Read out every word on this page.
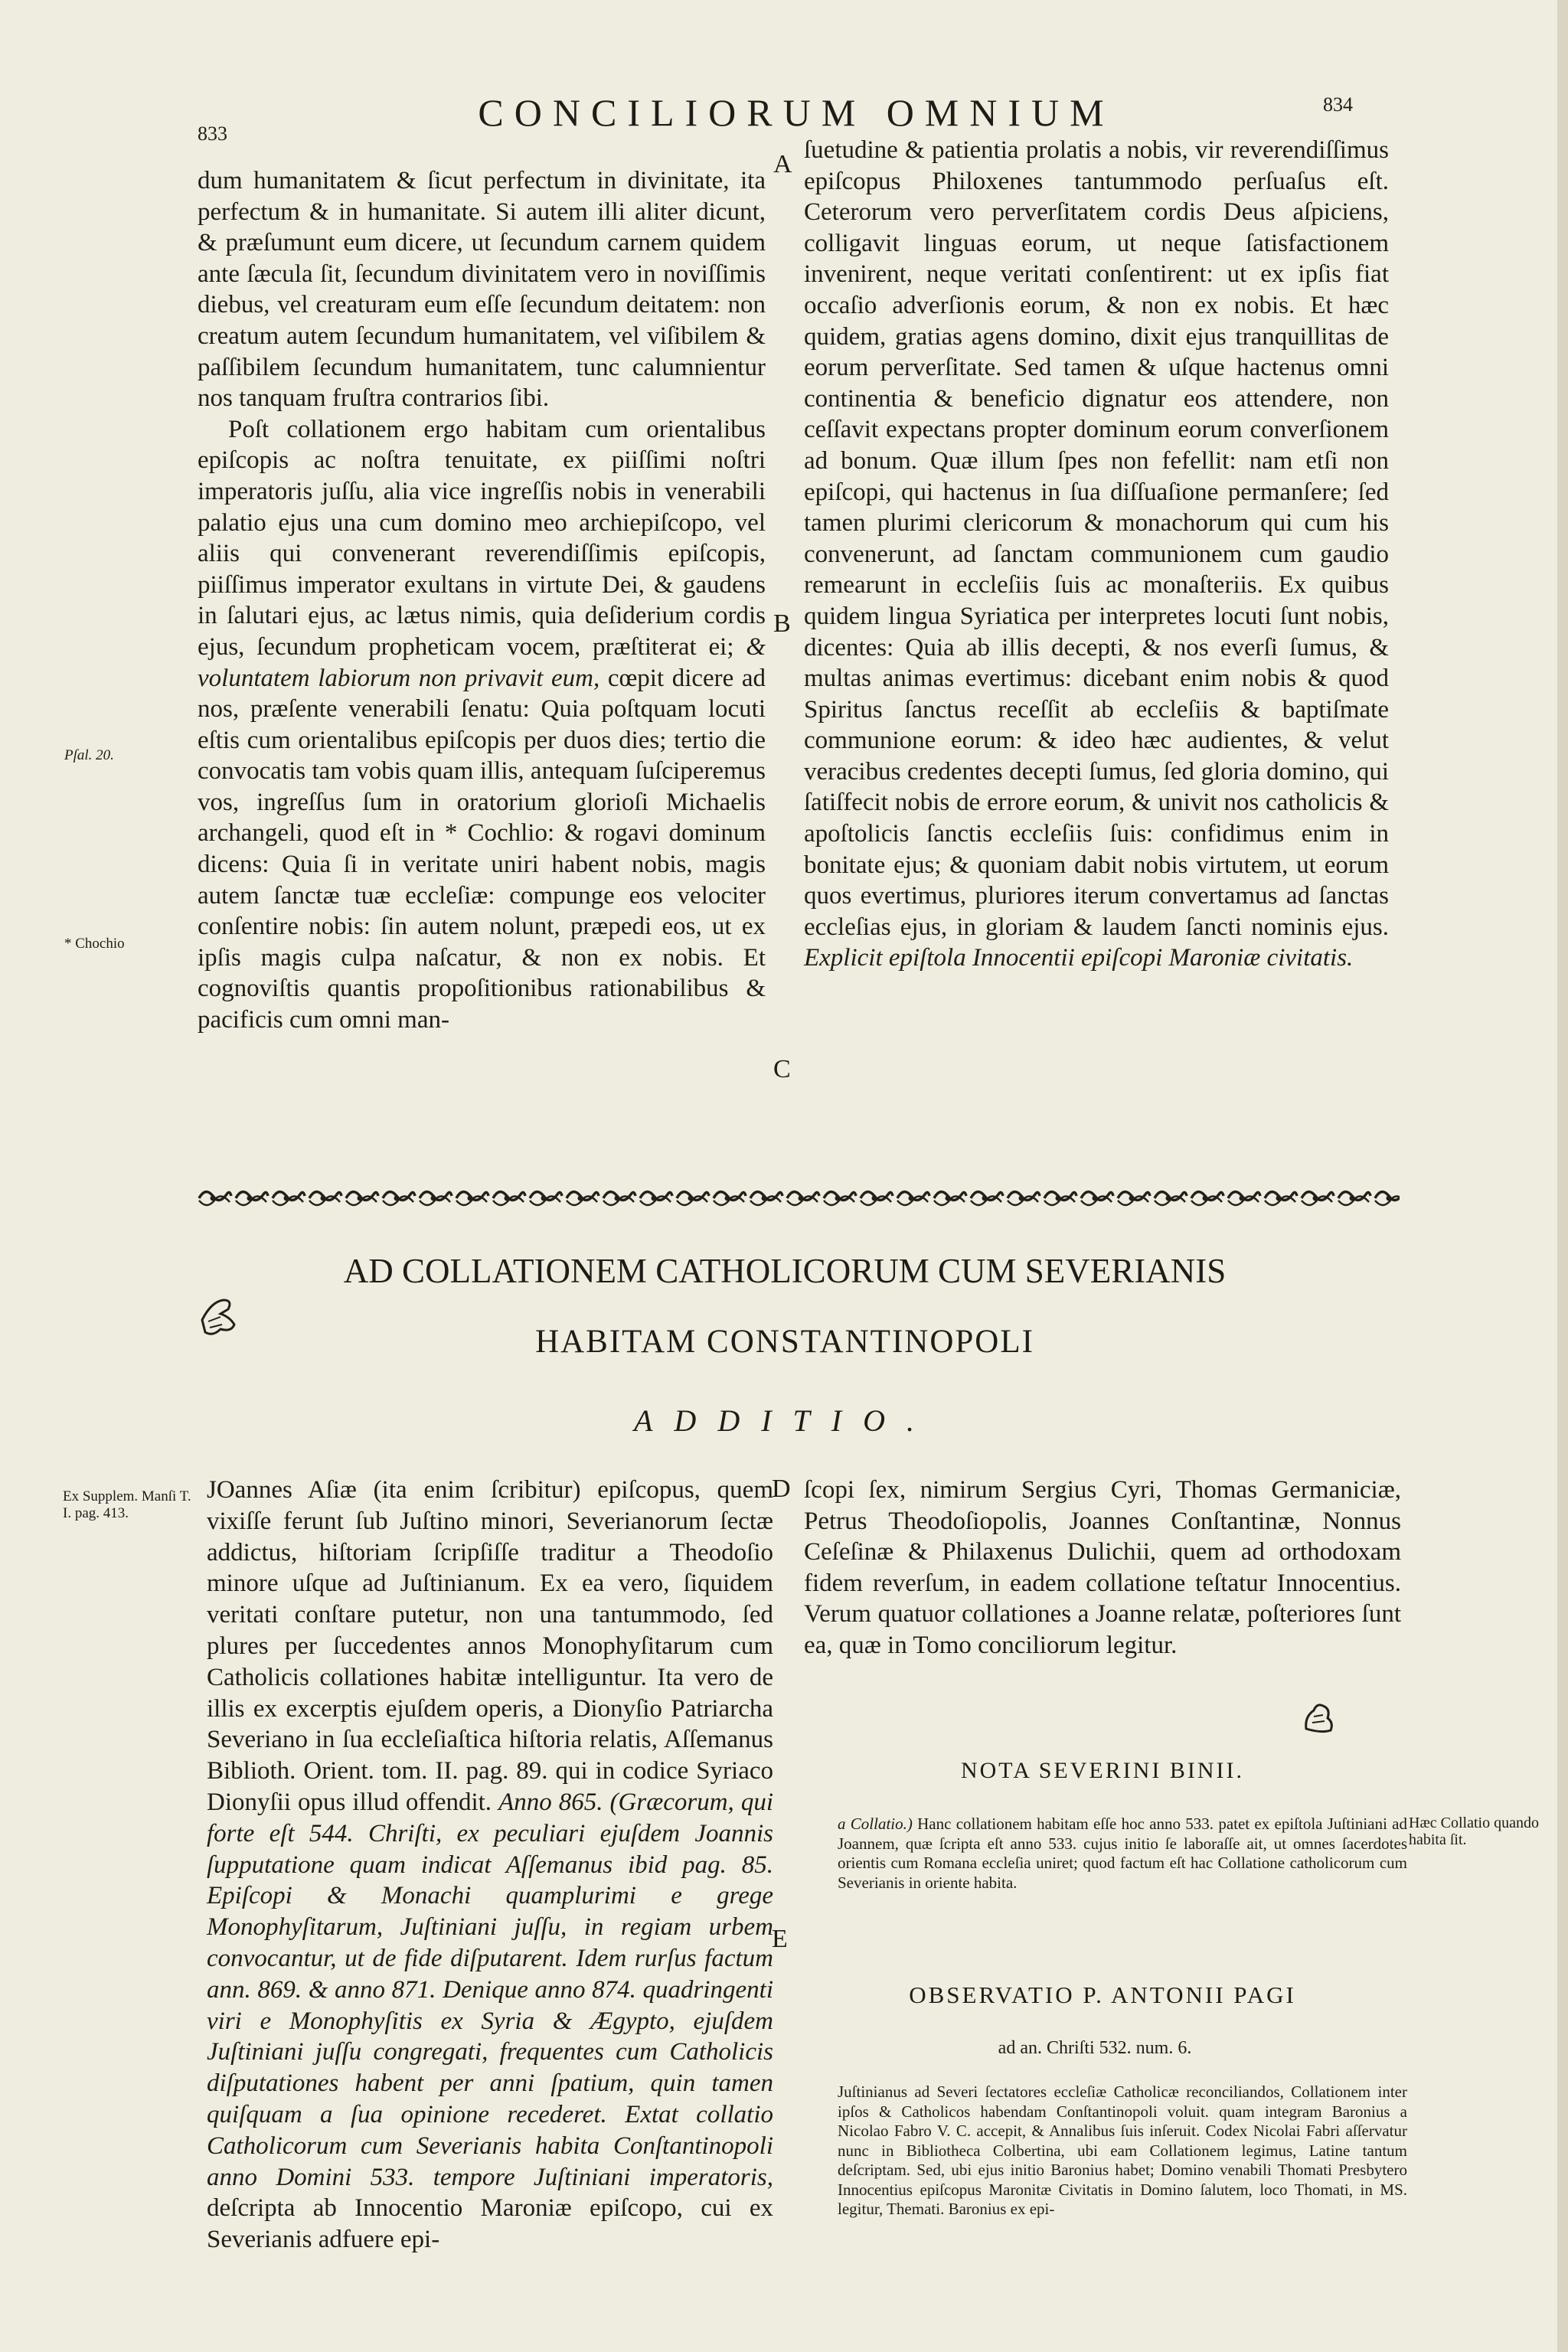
833	CONCILIORUM OMNIUM	834

dum humanitatem & ſicut perfectum in divinitate, ita perfectum & in humanitate. Si autem illi aliter dicunt, & præſumunt eum dicere, ut ſecundum carnem quidem ante ſæcula ſit, ſecundum divinitatem vero in noviſſimis diebus, vel creaturam eum eſſe ſecundum deitatem: non creatum autem ſecundum humanitatem, vel viſibilem & paſſibilem ſecundum humanitatem, tunc calumnientur nos tanquam fruſtra contrarios ſibi.

Poſt collationem ergo habitam cum orientalibus epiſcopis ac noſtra tenuitate, ex piiſſimi noſtri imperatoris juſſu, alia vice ingreſſis nobis in venerabili palatio ejus una cum domino meo archiepiſcopo, vel aliis qui convenerant reverendiſſimis epiſcopis, piiſſimus imperator exultans in virtute Dei, & gaudens in ſalutari ejus, ac lætus nimis, quia deſiderium cordis ejus, ſecundum propheticam vocem, præſtiterat ei; & voluntatem labiorum non privavit eum, cœpit dicere ad nos, præſente venerabili ſenatu: Quia poſtquam locuti eſtis cum orientalibus epiſcopis per duos dies; tertio die convocatis tam vobis quam illis, antequam ſuſciperemus vos, ingreſſus ſum in oratorium glorioſi Michaelis archangeli, quod eſt in * Cochlio: & rogavi dominum dicens: Quia ſi in veritate uniri habent nobis, magis autem ſanctæ tuæ eccleſiæ: compunge eos velociter conſentire nobis: ſin autem nolunt, præpedi eos, ut ex ipſis magis culpa naſcatur, & non ex nobis. Et cognoviſtis quantis propoſitionibus rationabilibus & pacificis cum omni man-

ſuetudine & patientia prolatis a nobis, vir reverendiſſimus epiſcopus Philoxenes tantummodo perſuaſus eſt. Ceterorum vero perverſitatem cordis Deus aſpiciens, colligavit linguas eorum, ut neque ſatisfactionem invenirent, neque veritati conſentirent: ut ex ipſis fiat occaſio adverſionis eorum, & non ex nobis. Et hæc quidem, gratias agens domino, dixit ejus tranquillitas de eorum perverſitate. Sed tamen & uſque hactenus omni continentia & beneficio dignatur eos attendere, non ceſſavit expectans propter dominum eorum converſionem ad bonum. Quæ illum ſpes non fefellit: nam etſi non epiſcopi, qui hactenus in ſua diſſuaſione permanſere; ſed tamen plurimi clericorum & monachorum qui cum his convenerunt, ad ſanctam communionem cum gaudio remearunt in eccleſiis ſuis ac monaſteriis. Ex quibus quidem lingua Syriatica per interpretes locuti ſunt nobis, dicentes: Quia ab illis decepti, & nos everſi ſumus, & multas animas evertimus: dicebant enim nobis & quod Spiritus ſanctus receſſit ab eccleſiis & baptiſmate communione eorum: & ideo hæc audientes, & velut veracibus credentes decepti ſumus, ſed gloria domino, qui ſatiſfecit nobis de errore eorum, & univit nos catholicis & apoſtolicis ſanctis eccleſiis ſuis: confidimus enim in bonitate ejus; & quoniam dabit nobis virtutem, ut eorum quos evertimus, pluriores iterum convertamus ad ſanctas eccleſias ejus, in gloriam & laudem ſancti nominis ejus. Explicit epiſtola Innocentii epiſcopi Maroniæ civitatis.

A
B
C
D
E
Pſal. 20.
* Chochio
Ex Supplem. Manſi T. I. pag. 413.
Hæc Collatio quando habita ſit.
AD COLLATIONEM CATHOLICORUM CUM SEVERIANIS
HABITAM CONSTANTINOPOLI
ADDITIO.

JOannes Aſiæ (ita enim ſcribitur) epiſcopus, quem vixiſſe ferunt ſub Juſtino minori, Severianorum ſectæ addictus, hiſtoriam ſcripſiſſe traditur a Theodoſio minore uſque ad Juſtinianum. Ex ea vero, ſiquidem veritati conſtare putetur, non una tantummodo, ſed plures per ſuccedentes annos Monophyſitarum cum Catholicis collationes habitæ intelliguntur. Ita vero de illis ex excerptis ejuſdem operis, a Dionyſio Patriarcha Severiano in ſua eccleſiaſtica hiſtoria relatis, Aſſemanus Biblioth. Orient. tom. II. pag. 89. qui in codice Syriaco Dionyſii opus illud offendit. Anno 865. (Græcorum, qui forte eſt 544. Chriſti, ex peculiari ejuſdem Joannis ſupputatione quam indicat Aſſemanus ibid pag. 85. Epiſcopi & Monachi quamplurimi e grege Monophyſitarum, Juſtiniani juſſu, in regiam urbem convocantur, ut de fide diſputarent. Idem rurſus factum ann. 869. & anno 871. Denique anno 874. quadringenti viri e Monophyſitis ex Syria & Ægypto, ejuſdem Juſtiniani juſſu congregati, frequentes cum Catholicis diſputationes habent per anni ſpatium, quin tamen quiſquam a ſua opinione recederet. Extat collatio Catholicorum cum Severianis habita Conſtantinopoli anno Domini 533. tempore Juſtiniani imperatoris, deſcripta ab Innocentio Maroniæ epiſcopo, cui ex Severianis adfuere epi-

ſcopi ſex, nimirum Sergius Cyri, Thomas Germaniciæ, Petrus Theodoſiopolis, Joannes Conſtantinæ, Nonnus Ceſeſinæ & Philaxenus Dulichii, quem ad orthodoxam fidem reverſum, in eadem collatione teſtatur Innocentius. Verum quatuor collationes a Joanne relatæ, poſteriores ſunt ea, quæ in Tomo conciliorum legitur.

NOTA SEVERINI BINII.

a Collatio.) Hanc collationem habitam eſſe hoc anno 533. patet ex epiſtola Juſtiniani ad Joannem, quæ ſcripta eſt anno 533. cujus initio ſe laboraſſe ait, ut omnes ſacerdotes orientis cum Romana eccleſia uniret; quod factum eſt hac Collatione catholicorum cum Severianis in oriente habita.

OBSERVATIO P. ANTONII PAGI

ad an. Chriſti 532. num. 6.

Juſtinianus ad Severi ſectatores eccleſiæ Catholicæ reconciliandos, Collationem inter ipſos & Catholicos habendam Conſtantinopoli voluit. quam integram Baronius a Nicolao Fabro V. C. accepit, & Annalibus ſuis inſeruit. Codex Nicolai Fabri aſſervatur nunc in Bibliotheca Colbertina, ubi eam Collationem legimus, Latine tantum deſcriptam. Sed, ubi ejus initio Baronius habet; Domino venabili Thomati Presbytero Innocentius epiſcopus Maronitæ Civitatis in Domino ſalutem, loco Thomati, in MS. legitur, Themati. Baronius ex epi-
